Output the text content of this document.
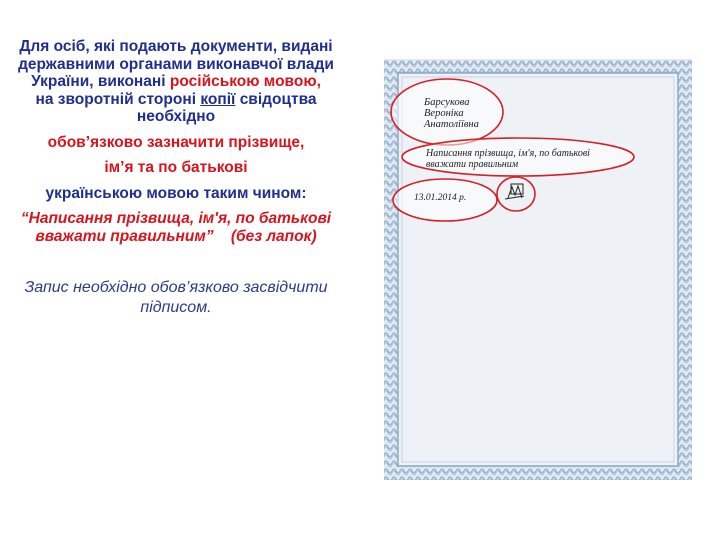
Для осіб, які подають документи, видані державними органами виконавчої влади України, виконані російською мовою,
на зворотній стороні копії свідоцтва необхідно
обов’язково зазначити прізвище,
ім’я та по батькові
українською мовою таким чином:
“Написання прізвища, ім'я, по батькові
вважати правильним” (без лапок)
Запис необхідно обов’язково засвідчити підписом.
Барсукова
Вероніка
Анатоліївна
Написання прізвища, ім'я, по батькові
вважати правильним
13.01.2014 р.
